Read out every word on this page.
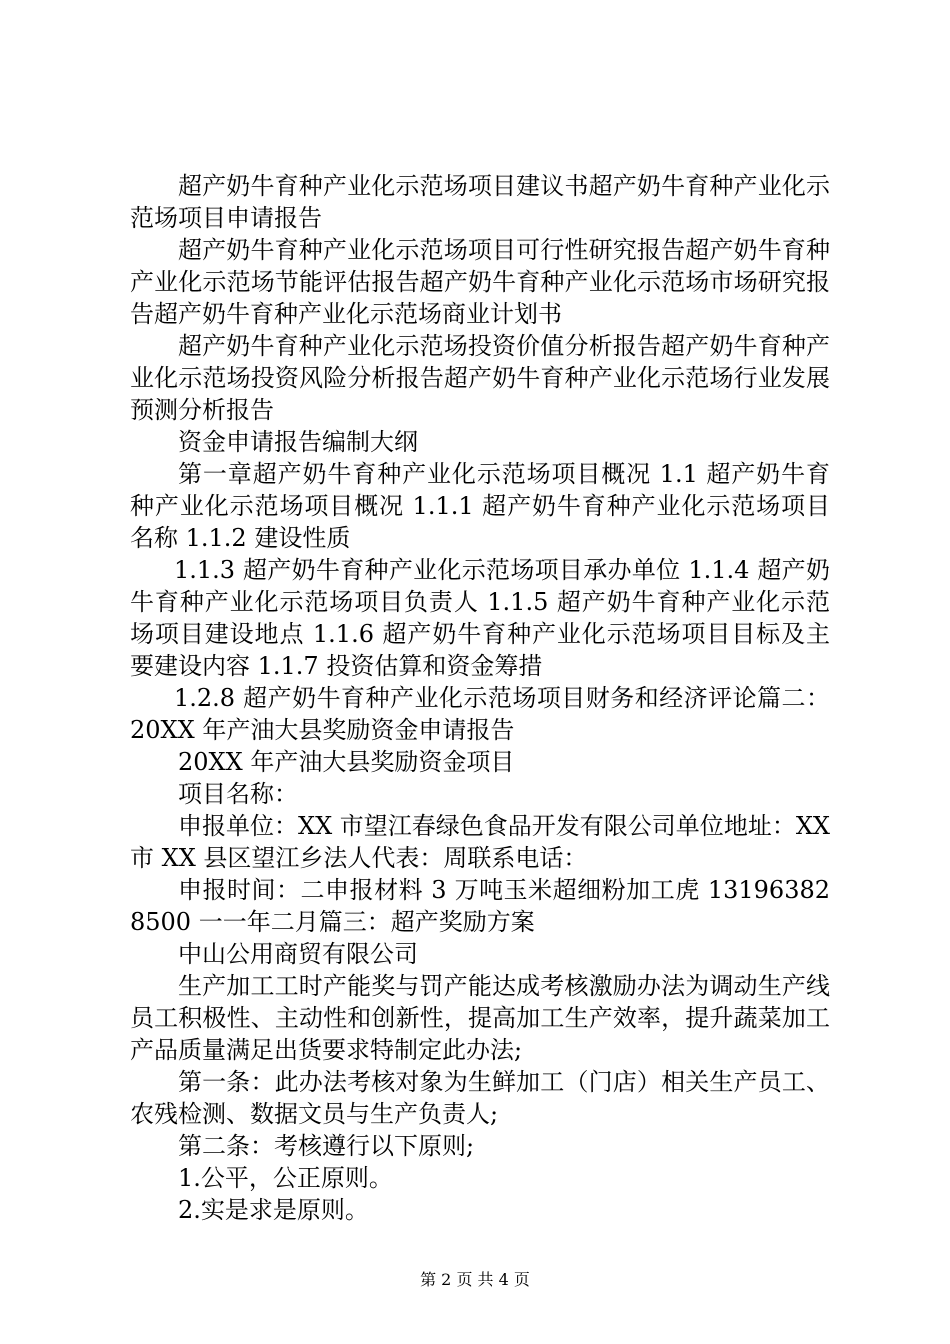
超产奶牛育种产业化示范场项目建议书超产奶牛育种产业化示范场项目申请报告

超产奶牛育种产业化示范场项目可行性研究报告超产奶牛育种产业化示范场节能评估报告超产奶牛育种产业化示范场市场研究报告超产奶牛育种产业化示范场商业计划书

超产奶牛育种产业化示范场投资价值分析报告超产奶牛育种产业化示范场投资风险分析报告超产奶牛育种产业化示范场行业发展预测分析报告

资金申请报告编制大纲

第一章超产奶牛育种产业化示范场项目概况 1.1 超产奶牛育种产业化示范场项目概况 1.1.1 超产奶牛育种产业化示范场项目名称 1.1.2 建设性质

1.1.3 超产奶牛育种产业化示范场项目承办单位 1.1.4 超产奶牛育种产业化示范场项目负责人 1.1.5 超产奶牛育种产业化示范场项目建设地点 1.1.6 超产奶牛育种产业化示范场项目目标及主要建设内容 1.1.7 投资估算和资金筹措

1.2.8 超产奶牛育种产业化示范场项目财务和经济评论篇二：20XX 年产油大县奖励资金申请报告

20XX 年产油大县奖励资金项目

项目名称：

申报单位：XX 市望江春绿色食品开发有限公司单位地址：XX 市 XX 县区望江乡法人代表：周联系电话：

申报时间：二申报材料 3 万吨玉米超细粉加工虎 131963828500 一一年二月篇三：超产奖励方案

中山公用商贸有限公司

生产加工工时产能奖与罚产能达成考核激励办法为调动生产线员工积极性、主动性和创新性，提高加工生产效率，提升蔬菜加工产品质量满足出货要求特制定此办法;

第一条：此办法考核对象为生鲜加工（门店）相关生产员工、农残检测、数据文员与生产负责人;

第二条：考核遵行以下原则;

1.公平，公正原则。

2.实是求是原则。

第 2 页 共 4 页
